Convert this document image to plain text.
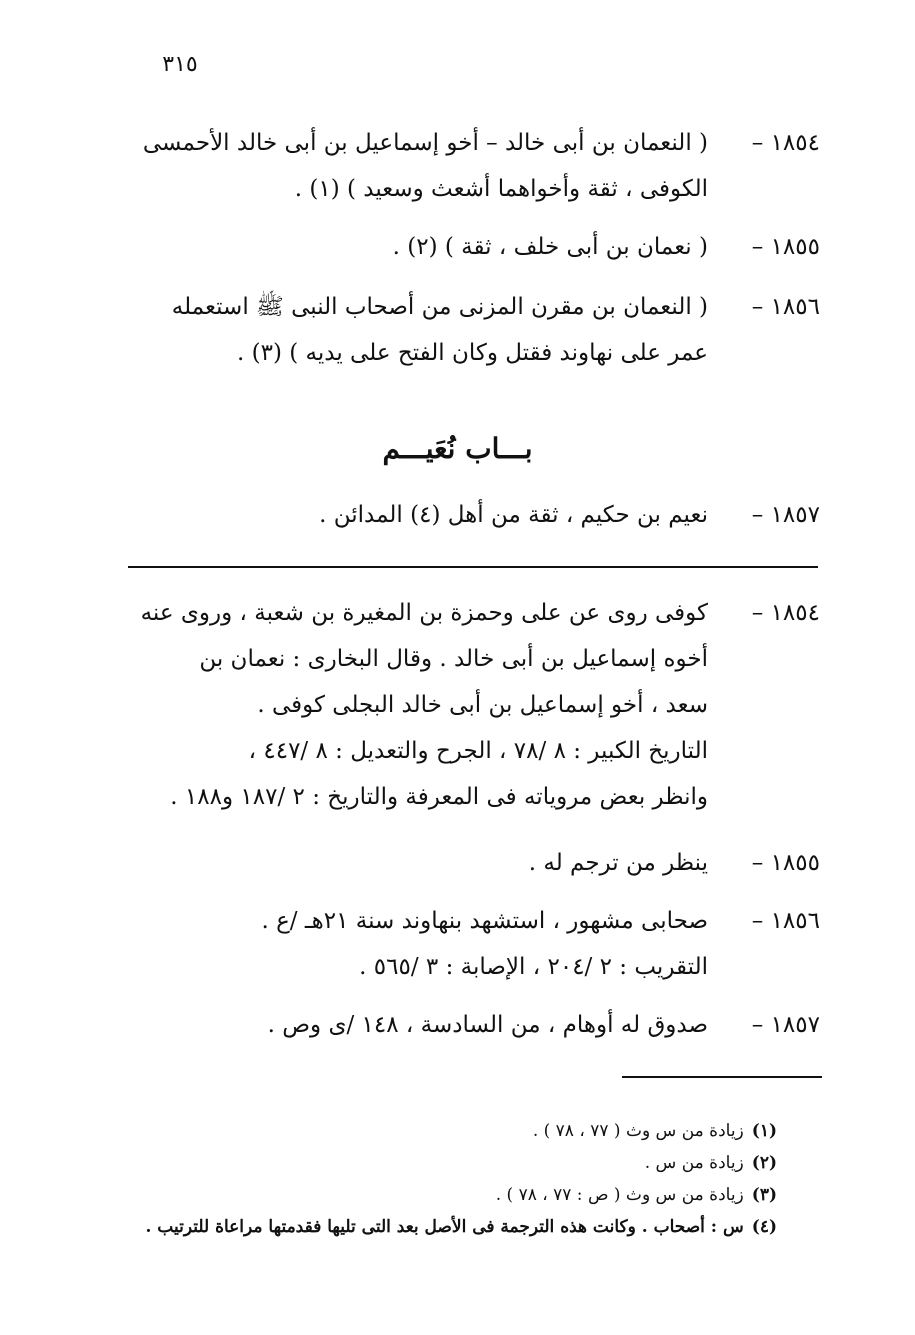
٣١٥
١٨٥٤ –( النعمان بن أبى خالد – أخو إسماعيل بن أبى خالد الأحمسى
الكوفى ، ثقة وأخواهما أشعث وسعيد ) (١) .
١٨٥٥ –( نعمان بن أبى خلف ، ثقة ) (٢) .
١٨٥٦ –( النعمان بن مقرن المزنى من أصحاب النبى ﷺ استعمله
عمر على نهاوند فقتل وكان الفتح على يديه ) (٣) .
بـــاب نُعَيـــم
١٨٥٧ –نعيم بن حكيم ، ثقة من أهل (٤) المدائن .
١٨٥٤ –كوفى روى عن على وحمزة بن المغيرة بن شعبة ، وروى عنه
أخوه إسماعيل بن أبى خالد . وقال البخارى : نعمان بن
سعد ، أخو إسماعيل بن أبى خالد البجلى كوفى .
التاريخ الكبير : ٨ /٧٨ ، الجرح والتعديل : ٨ /٤٤٧ ،
وانظر بعض مروياته فى المعرفة والتاريخ : ٢ /١٨٧ و١٨٨ .
١٨٥٥ –ينظر من ترجم له .
١٨٥٦ –صحابى مشهور ، استشهد بنهاوند سنة ٢١هـ /ع .
التقريب : ٢ /٢٠٤ ، الإصابة : ٣ /٥٦٥ .
١٨٥٧ –صدوق له أوهام ، من السادسة ، ١٤٨ /ى وص .
(١)زيادة من س وث ( ٧٧ ، ٧٨ ) .
(٢)زيادة من س .
(٣)زيادة من س وث ( ص : ٧٧ ، ٧٨ ) .
(٤)س : أصحاب . وكانت هذه الترجمة فى الأصل بعد التى تليها فقدمتها مراعاة للترتيب .
